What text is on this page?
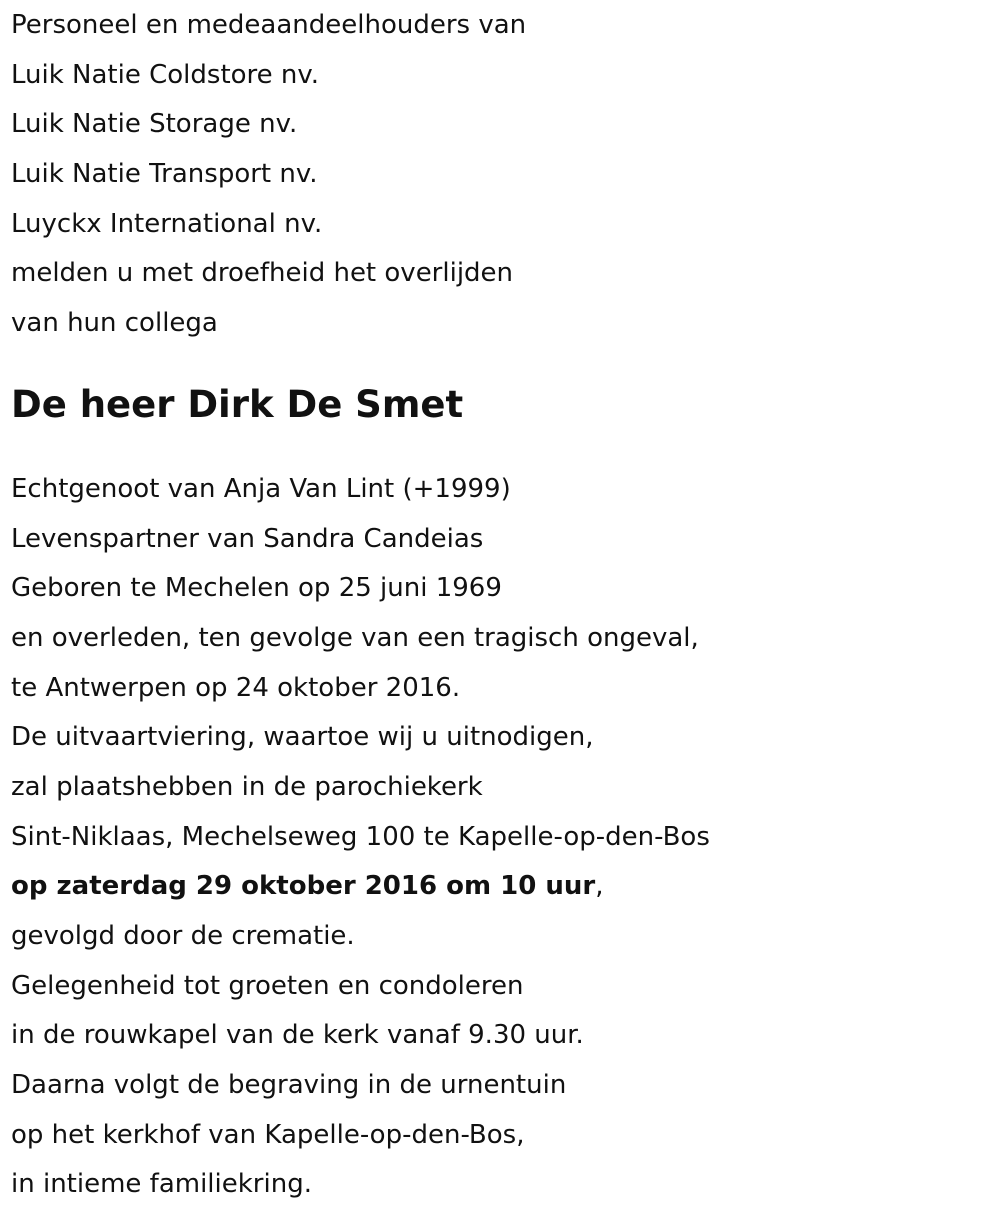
Personeel en medeaandeelhouders van

Luik Natie Coldstore nv.

Luik Natie Storage nv.

Luik Natie Transport nv.

Luyckx International nv.

melden u met droefheid het overlijden

van hun collega

De heer Dirk De Smet

Echtgenoot van Anja Van Lint (+1999)

Levenspartner van Sandra Candeias

Geboren te Mechelen op 25 juni 1969

en overleden, ten gevolge van een tragisch ongeval,

te Antwerpen op 24 oktober 2016.

De uitvaartviering, waartoe wij u uitnodigen,

zal plaatshebben in de parochiekerk

Sint-Niklaas, Mechelseweg 100 te Kapelle-op-den-Bos

op zaterdag 29 oktober 2016 om 10 uur,

gevolgd door de crematie.

Gelegenheid tot groeten en condoleren

in de rouwkapel van de kerk vanaf 9.30 uur.

Daarna volgt de begraving in de urnentuin

op het kerkhof van Kapelle-op-den-Bos,

in intieme familiekring.
